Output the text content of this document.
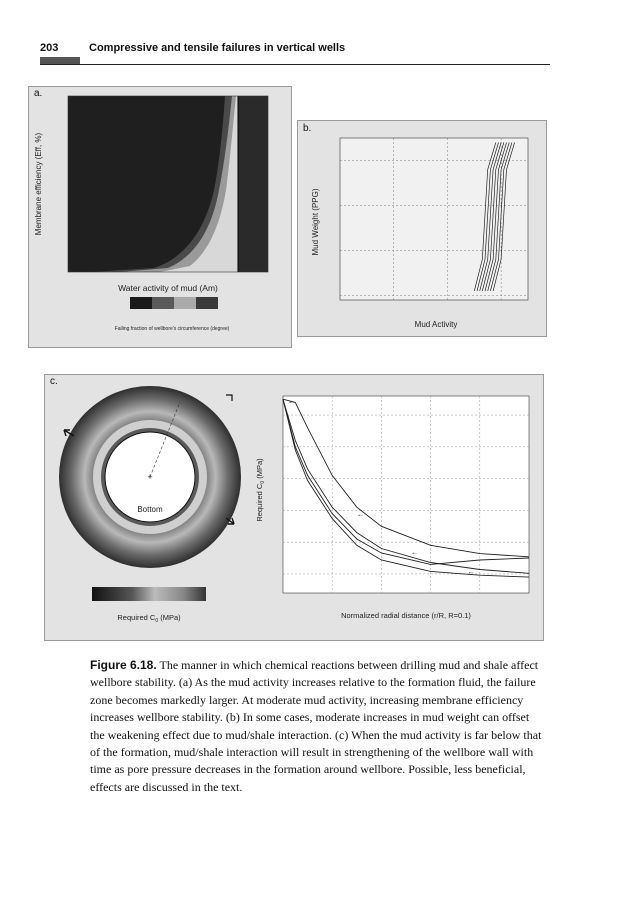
203	Compressive and tensile failures in vertical wells
a.
b.
c.
Membrane efficiency (Eff, %)
Water activity of mud (Am)
Failing fraction of wellbore's circumference (degree)
Mud Weight (PPG)
Mud Activity
+
Bottom
Required $C_0$ (MPa)
Required $C_0$ (MPa)
Normalized radial distance (r/R, R=0.1)
←
←
←
←
Figure 6.18. The manner in which chemical reactions between drilling mud and shale affect wellbore stability. (a) As the mud activity increases relative to the formation fluid, the failure zone becomes markedly larger. At moderate mud activity, increasing membrane efficiency increases wellbore stability. (b) In some cases, moderate increases in mud weight can offset the weakening effect due to mud/shale interaction. (c) When the mud activity is far below that of the formation, mud/shale interaction will result in strengthening of the wellbore wall with time as pore pressure decreases in the formation around wellbore. Possible, less beneficial, effects are discussed in the text.
